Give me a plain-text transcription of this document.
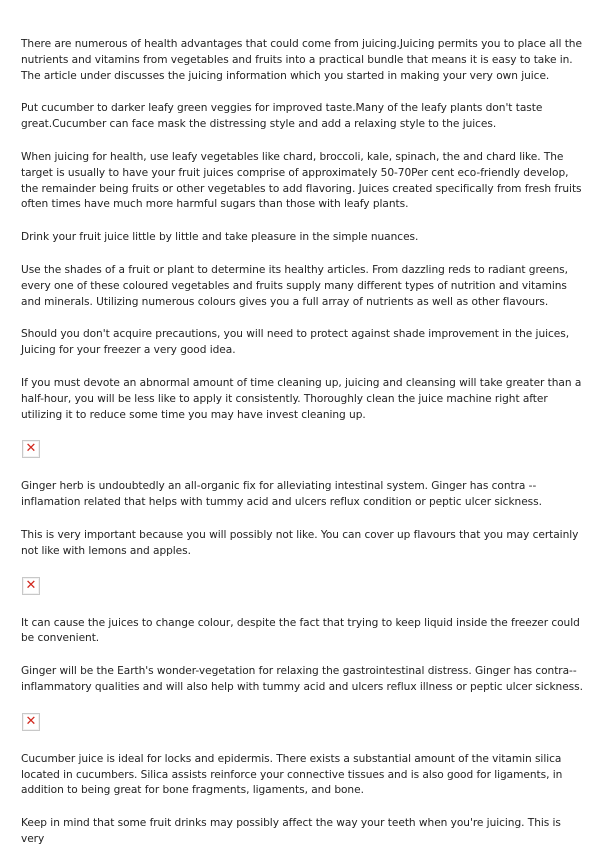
There are numerous of health advantages that could come from juicing.Juicing permits you to place all the nutrients and vitamins from vegetables and fruits into a practical bundle that means it is easy to take in. The article under discusses the juicing information which you started in making your very own juice.

Put cucumber to darker leafy green veggies for improved taste.Many of the leafy plants don't taste great.Cucumber can face mask the distressing style and add a relaxing style to the juices.

When juicing for health, use leafy vegetables like chard, broccoli, kale, spinach, the and chard like. The target is usually to have your fruit juices comprise of approximately 50-70Per cent eco-friendly develop, the remainder being fruits or other vegetables to add flavoring. Juices created specifically from fresh fruits often times have much more harmful sugars than those with leafy plants.

Drink your fruit juice little by little and take pleasure in the simple nuances.

Use the shades of a fruit or plant to determine its healthy articles. From dazzling reds to radiant greens, every one of these coloured vegetables and fruits supply many different types of nutrition and vitamins and minerals. Utilizing numerous colours gives you a full array of nutrients as well as other flavours.

Should you don't acquire precautions, you will need to protect against shade improvement in the juices, Juicing for your freezer a very good idea.

If you must devote an abnormal amount of time cleaning up, juicing and cleansing will take greater than a half-hour, you will be less like to apply it consistently. Thoroughly clean the juice machine right after utilizing it to reduce some time you may have invest cleaning up.

✕

Ginger herb is undoubtedly an all-organic fix for alleviating intestinal system. Ginger has contra --inflamation related that helps with tummy acid and ulcers reflux condition or peptic ulcer sickness.

This is very important because you will possibly not like. You can cover up flavours that you may certainly not like with lemons and apples.

✕

It can cause the juices to change colour, despite the fact that trying to keep liquid inside the freezer could be convenient.

Ginger will be the Earth's wonder-vegetation for relaxing the gastrointestinal distress. Ginger has contra--inflammatory qualities and will also help with tummy acid and ulcers reflux illness or peptic ulcer sickness.

✕

Cucumber juice is ideal for locks and epidermis. There exists a substantial amount of the vitamin silica located in cucumbers. Silica assists reinforce your connective tissues and is also good for ligaments, in addition to being great for bone fragments, ligaments, and bone.

Keep in mind that some fruit drinks may possibly affect the way your teeth when you're juicing. This is very
